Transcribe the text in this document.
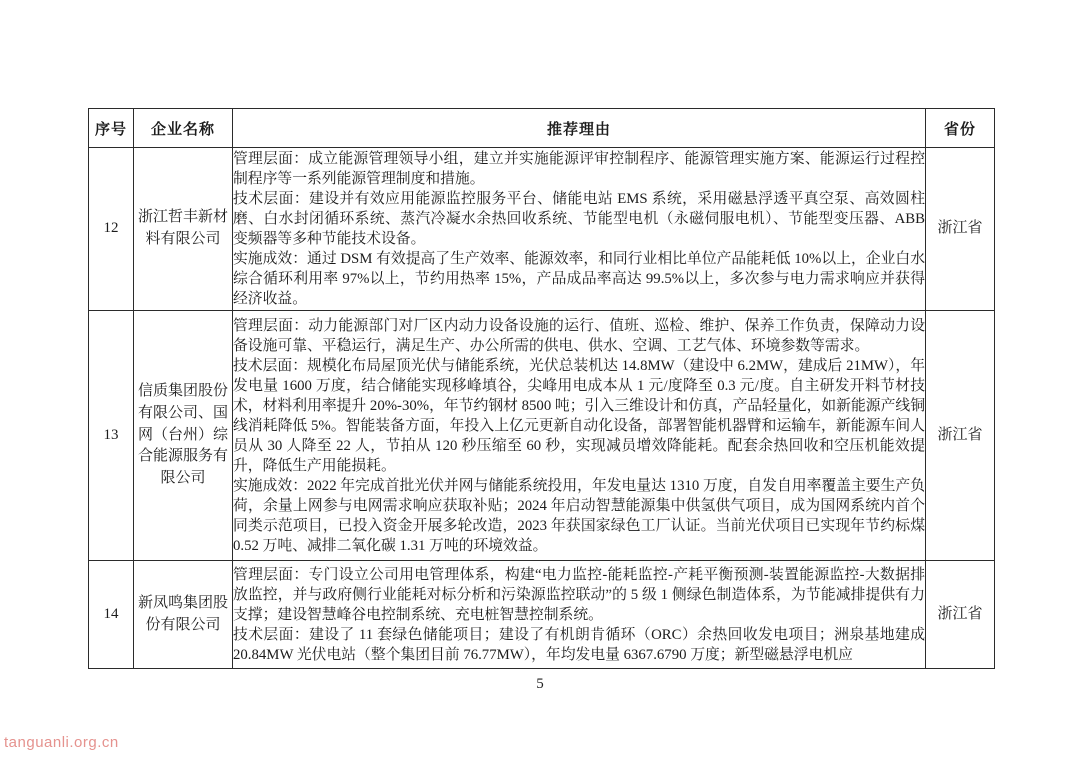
序号	企业名称	推荐理由	省份
12	浙江哲丰新材料有限公司	管理层面：成立能源管理领导小组，建立并实施能源评审控制程序、能源管理实施方案、能源运行过程控制程序等一系列能源管理制度和措施。
技术层面：建设并有效应用能源监控服务平台、储能电站 EMS 系统，采用磁悬浮透平真空泵、高效圆柱磨、白水封闭循环系统、蒸汽冷凝水余热回收系统、节能型电机（永磁伺服电机）、节能型变压器、ABB 变频器等多种节能技术设备。
实施成效：通过 DSM 有效提高了生产效率、能源效率，和同行业相比单位产品能耗低 10%以上，企业白水综合循环利用率 97%以上，节约用热率 15%，产品成品率高达 99.5%以上，多次参与电力需求响应并获得经济收益。	浙江省
13	信质集团股份有限公司、国网（台州）综合能源服务有限公司	管理层面：动力能源部门对厂区内动力设备设施的运行、值班、巡检、维护、保养工作负责，保障动力设备设施可靠、平稳运行，满足生产、办公所需的供电、供水、空调、工艺气体、环境参数等需求。
技术层面：规模化布局屋顶光伏与储能系统，光伏总装机达 14.8MW（建设中 6.2MW，建成后 21MW），年发电量 1600 万度，结合储能实现移峰填谷，尖峰用电成本从 1 元/度降至 0.3 元/度。自主研发开料节材技术，材料利用率提升 20%-30%，年节约钢材 8500 吨；引入三维设计和仿真，产品轻量化，如新能源产线铜线消耗降低 5%。智能装备方面，年投入上亿元更新自动化设备，部署智能机器臂和运输车，新能源车间人员从 30 人降至 22 人，节拍从 120 秒压缩至 60 秒，实现减员增效降能耗。配套余热回收和空压机能效提升，降低生产用能损耗。
实施成效：2022 年完成首批光伏并网与储能系统投用，年发电量达 1310 万度，自发自用率覆盖主要生产负荷，余量上网参与电网需求响应获取补贴；2024 年启动智慧能源集中供氢供气项目，成为国网系统内首个同类示范项目，已投入资金开展多轮改造，2023 年获国家绿色工厂认证。当前光伏项目已实现年节约标煤 0.52 万吨、减排二氧化碳 1.31 万吨的环境效益。	浙江省
14	新凤鸣集团股份有限公司	管理层面：专门设立公司用电管理体系，构建“电力监控-能耗监控-产耗平衡预测-装置能源监控-大数据排放监控，并与政府侧行业能耗对标分析和污染源监控联动”的 5 级 1 侧绿色制造体系，为节能减排提供有力支撑；建设智慧峰谷电控制系统、充电桩智慧控制系统。
技术层面：建设了 11 套绿色储能项目；建设了有机朗肯循环（ORC）余热回收发电项目；洲泉基地建成 20.84MW 光伏电站（整个集团目前 76.77MW），年均发电量 6367.6790 万度；新型磁悬浮电机应	浙江省
5
tanguanli.org.cn
